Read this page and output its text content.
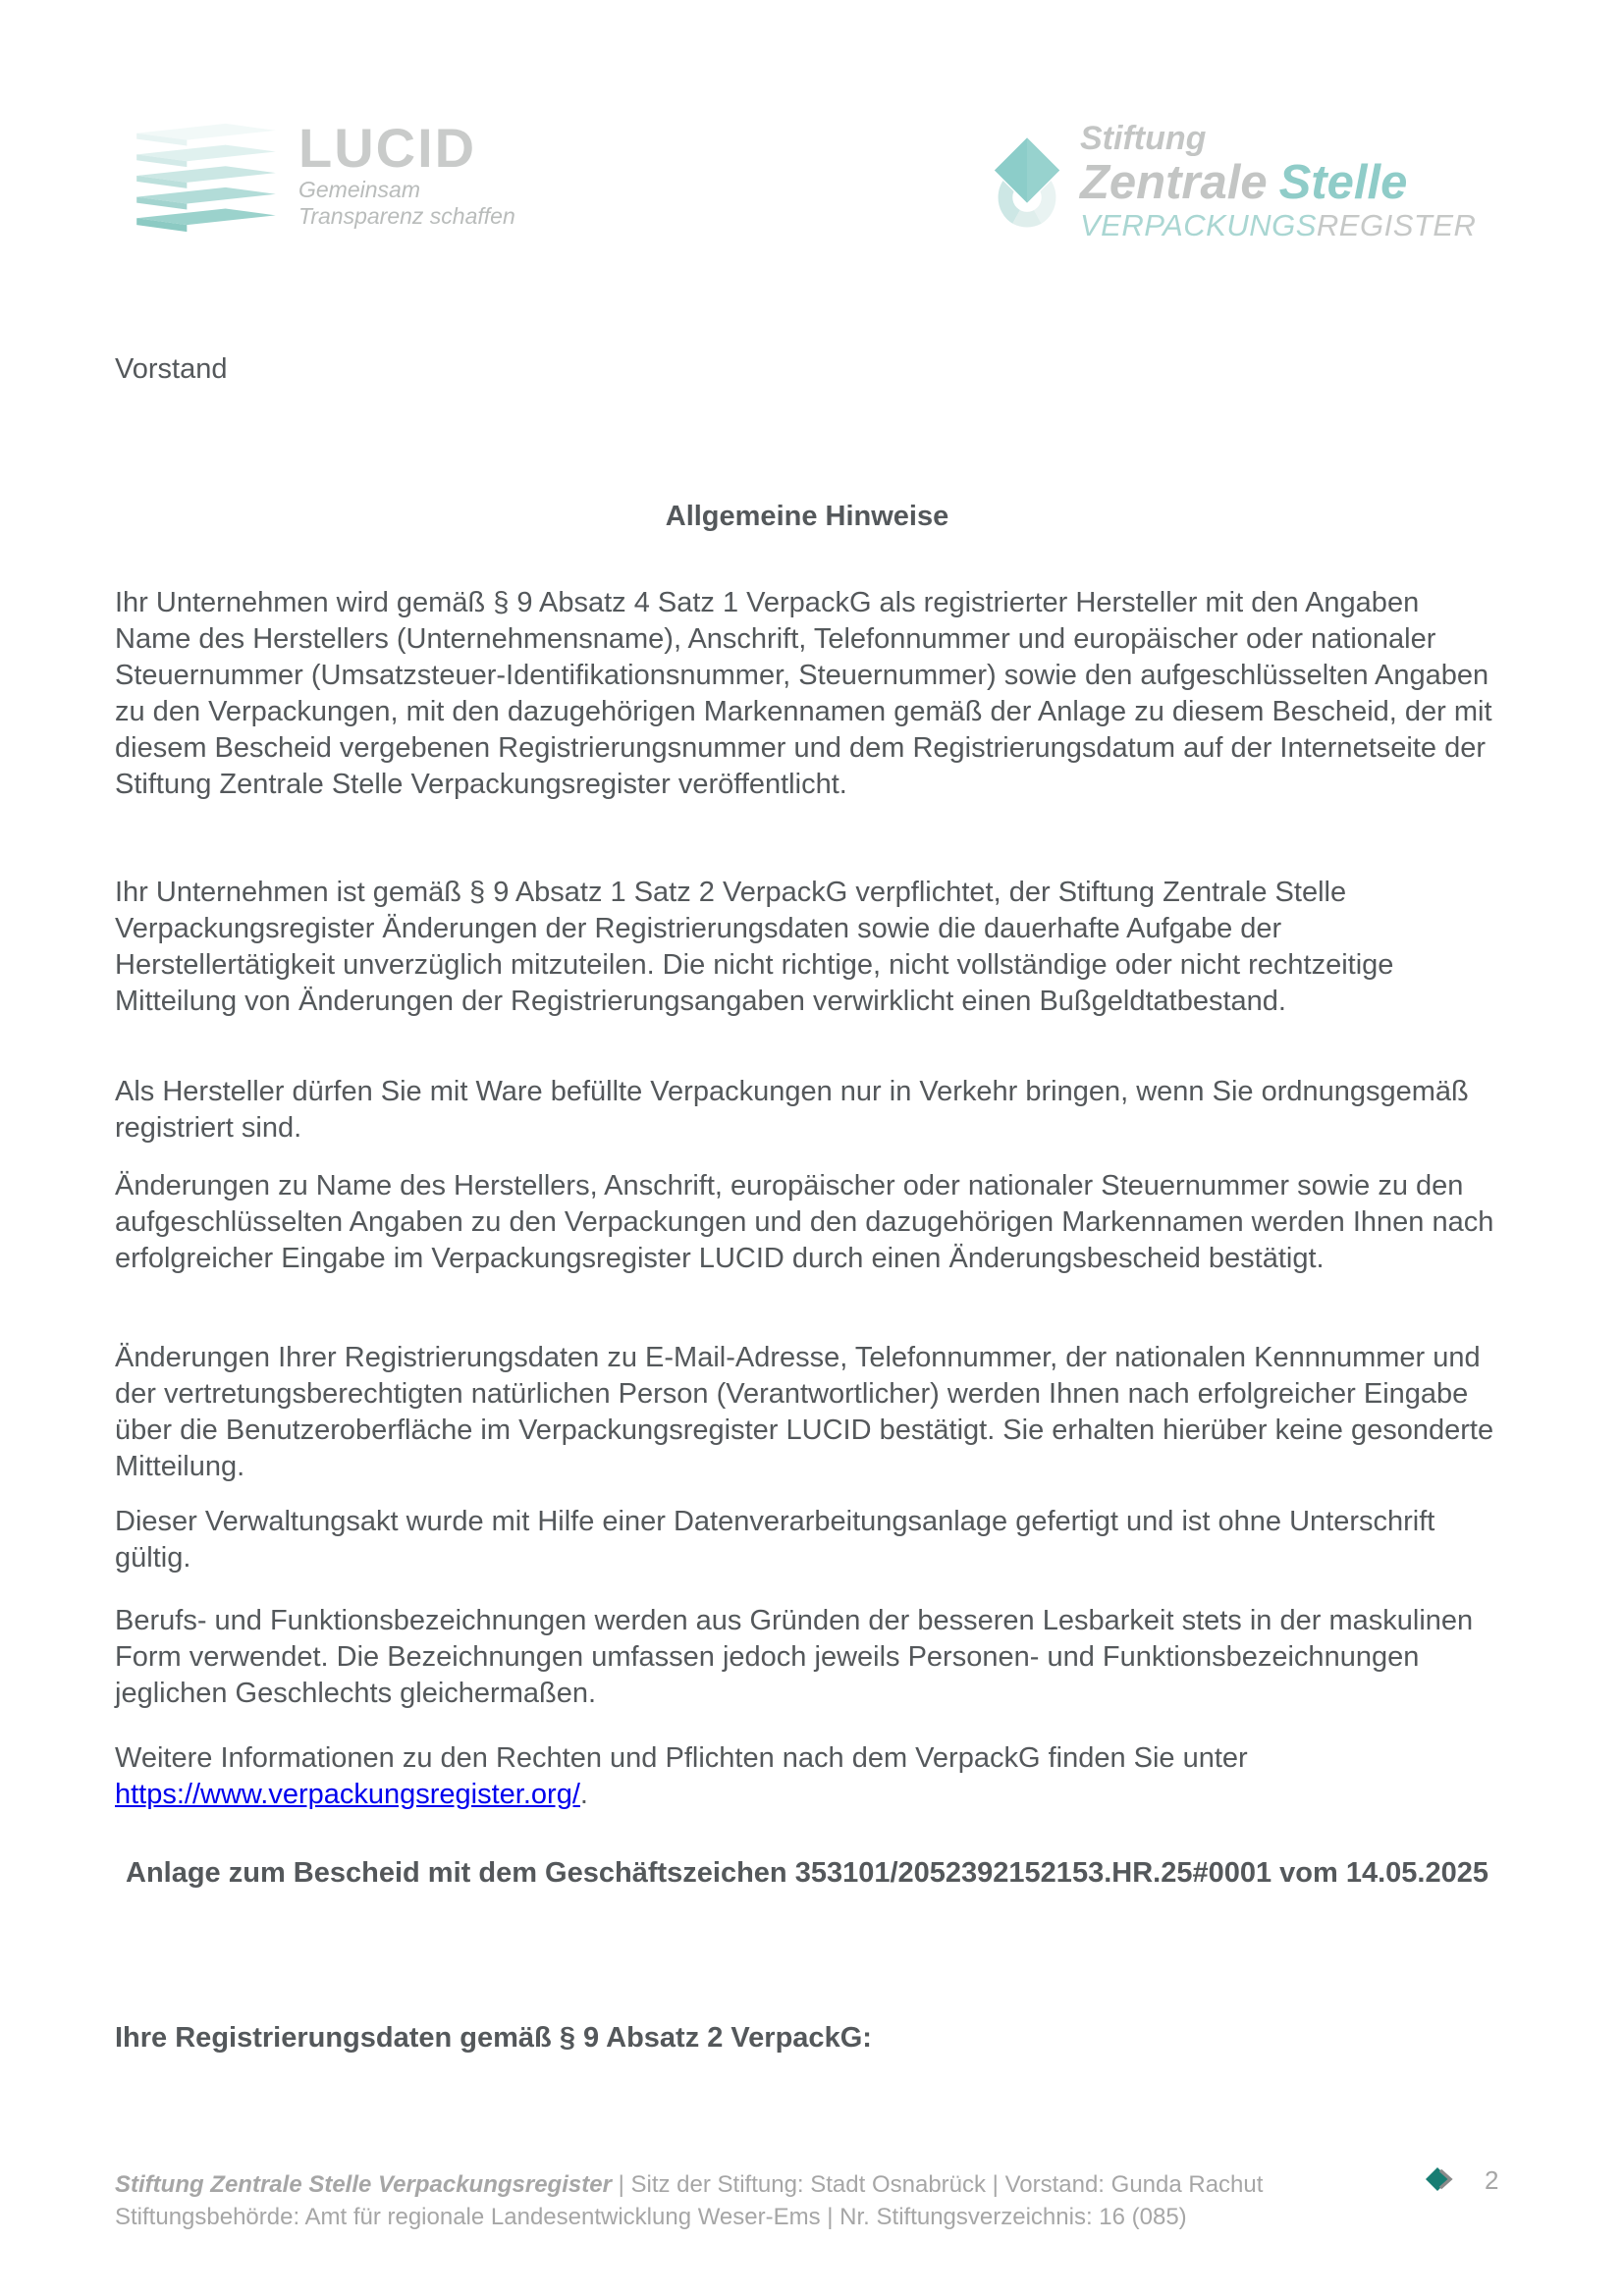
LUCID
Gemeinsam
Transparenz schaffen
Stiftung
Zentrale Stelle
VERPACKUNGSREGISTER
Vorstand
Allgemeine Hinweise

Ihr Unternehmen wird gemäß § 9 Absatz 4 Satz 1 VerpackG als registrierter Hersteller mit den Angaben Name des Herstellers (Unternehmensname), Anschrift, Telefonnummer und europäischer oder nationaler Steuernummer (Umsatzsteuer-Identifikationsnummer, Steuernummer) sowie den aufgeschlüsselten Angaben zu den Verpackungen, mit den dazugehörigen Markennamen gemäß der Anlage zu diesem Bescheid, der mit diesem Bescheid vergebenen Registrierungsnummer und dem Registrierungsdatum auf der Internetseite der Stiftung Zentrale Stelle Verpackungsregister veröffentlicht.

Ihr Unternehmen ist gemäß § 9 Absatz 1 Satz 2 VerpackG verpflichtet, der Stiftung Zentrale Stelle Verpackungsregister Änderungen der Registrierungsdaten sowie die dauerhafte Aufgabe der Herstellertätigkeit unverzüglich mitzuteilen. Die nicht richtige, nicht vollständige oder nicht rechtzeitige Mitteilung von Änderungen der Registrierungsangaben verwirklicht einen Bußgeldtatbestand.

Als Hersteller dürfen Sie mit Ware befüllte Verpackungen nur in Verkehr bringen, wenn Sie ordnungsgemäß registriert sind.

Änderungen zu Name des Herstellers, Anschrift, europäischer oder nationaler Steuernummer sowie zu den aufgeschlüsselten Angaben zu den Verpackungen und den dazugehörigen Markennamen werden Ihnen nach erfolgreicher Eingabe im Verpackungsregister LUCID durch einen Änderungsbescheid bestätigt.

Änderungen Ihrer Registrierungsdaten zu E-Mail-Adresse, Telefonnummer, der nationalen Kennnummer und der vertretungsberechtigten natürlichen Person (Verantwortlicher) werden Ihnen nach erfolgreicher Eingabe über die Benutzeroberfläche im Verpackungsregister LUCID bestätigt. Sie erhalten hierüber keine gesonderte Mitteilung.

Dieser Verwaltungsakt wurde mit Hilfe einer Datenverarbeitungsanlage gefertigt und ist ohne Unterschrift gültig.

Berufs- und Funktionsbezeichnungen werden aus Gründen der besseren Lesbarkeit stets in der maskulinen Form verwendet. Die Bezeichnungen umfassen jedoch jeweils Personen- und Funktionsbezeichnungen jeglichen Geschlechts gleichermaßen.

Weitere Informationen zu den Rechten und Pflichten nach dem VerpackG finden Sie unter https://www.verpackungsregister.org/.

Anlage zum Bescheid mit dem Geschäftszeichen 353101/2052392152153.HR.25#0001 vom 14.05.2025
Ihre Registrierungsdaten gemäß § 9 Absatz 2 VerpackG:
Stiftung Zentrale Stelle Verpackungsregister | Sitz der Stiftung: Stadt Osnabrück | Vorstand: Gunda Rachut
Stiftungsbehörde: Amt für regionale Landesentwicklung Weser-Ems | Nr. Stiftungsverzeichnis: 16 (085)
2
